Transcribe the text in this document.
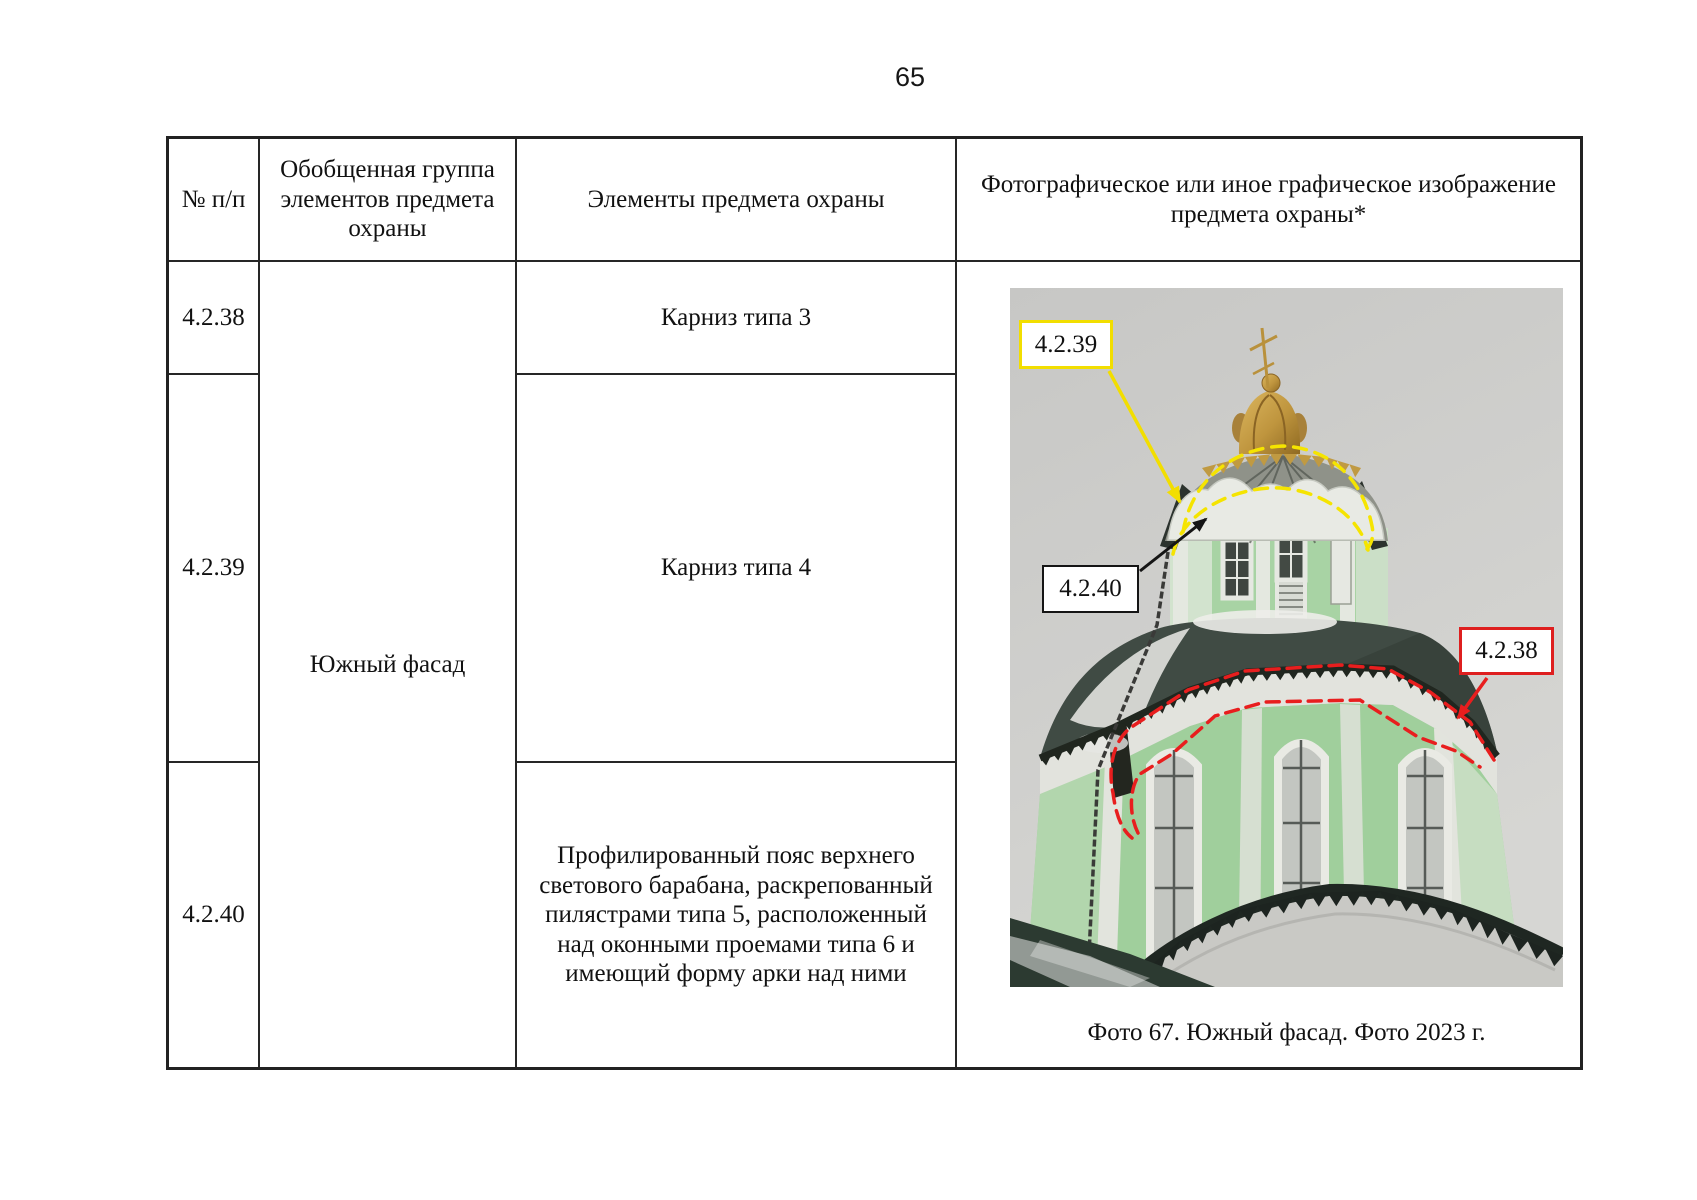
65
№ п/п
Обобщенная группа элементов предмета охраны
Элементы предмета охраны
Фотографическое или иное графическое изображение предмета охраны*
4.2.38
4.2.39
4.2.40
Южный фасад
Карниз типа 3
Карниз типа 4
Профилированный пояс верхнего светового барабана, раскрепованный пилястрами типа 5, расположенный над оконными проемами типа 6 и имеющий форму арки над ними
4.2.39
4.2.40
4.2.38
Фото 67. Южный фасад. Фото 2023 г.
